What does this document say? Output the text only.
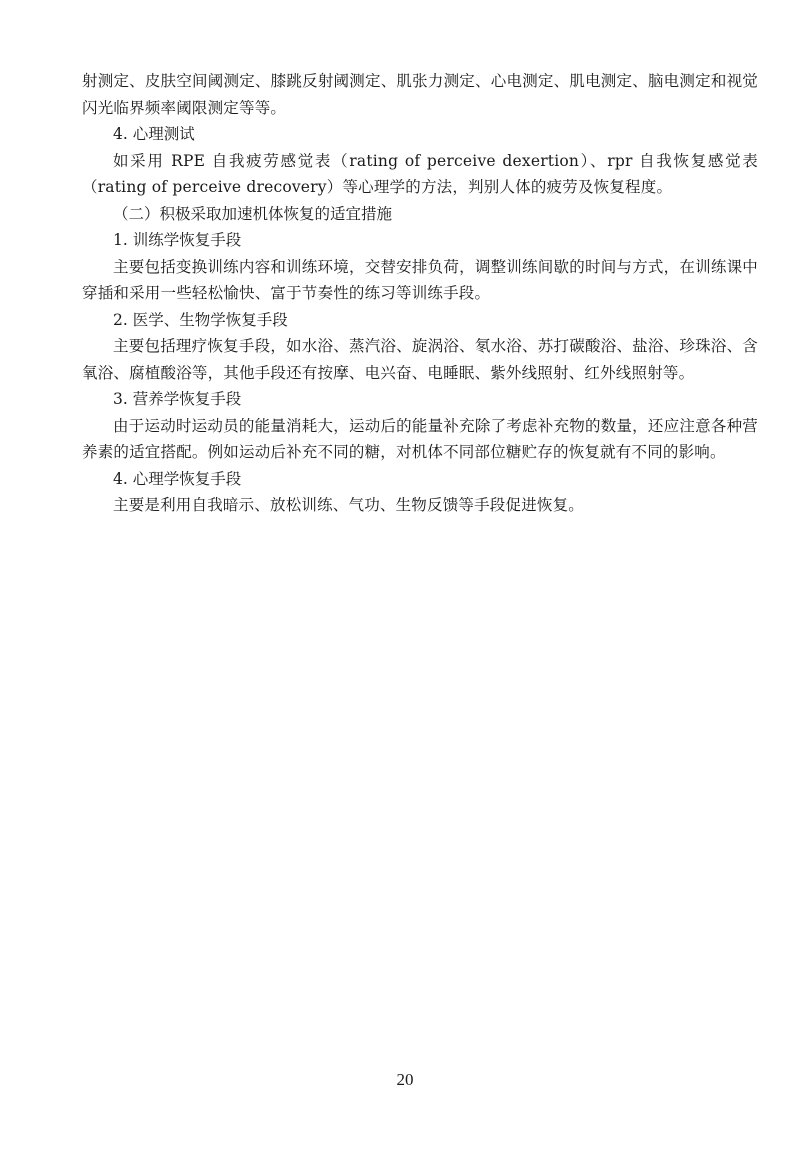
射测定、皮肤空间阈测定、膝跳反射阈测定、肌张力测定、心电测定、肌电测定、脑电测定和视觉闪光临界频率阈限测定等等。

4. 心理测试

如采用 RPE 自我疲劳感觉表（rating of perceive dexertion）、rpr 自我恢复感觉表（rating of perceive drecovery）等心理学的方法，判别人体的疲劳及恢复程度。

（二）积极采取加速机体恢复的适宜措施

1. 训练学恢复手段

主要包括变换训练内容和训练环境，交替安排负荷，调整训练间歇的时间与方式，在训练课中穿插和采用一些轻松愉快、富于节奏性的练习等训练手段。

2. 医学、生物学恢复手段

主要包括理疗恢复手段，如水浴、蒸汽浴、旋涡浴、氡水浴、苏打碳酸浴、盐浴、珍珠浴、含氧浴、腐植酸浴等，其他手段还有按摩、电兴奋、电睡眠、紫外线照射、红外线照射等。

3. 营养学恢复手段

由于运动时运动员的能量消耗大，运动后的能量补充除了考虑补充物的数量，还应注意各种营养素的适宜搭配。例如运动后补充不同的糖，对机体不同部位糖贮存的恢复就有不同的影响。

4. 心理学恢复手段

主要是利用自我暗示、放松训练、气功、生物反馈等手段促进恢复。

20
